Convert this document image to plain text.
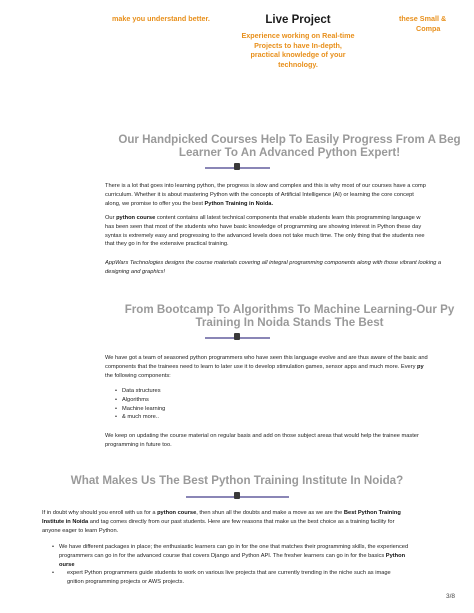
make you understand better.	Live Project
Experience working on Real-time
Projects to have In-depth,
practical knowledge of your
technology.
these Small &
Compa
Our Handpicked Courses Help To Easily Progress From A Beg
Learner To An Advanced Python Expert!
There is a lot that goes into learning python, the progress is slow and complex and this is why most of our courses have a comp
curriculum. Whether it is about mastering Python with the concepts of Artificial Intelligence (AI) or learning the core concept
along, we promise to offer you the best Python Training in Noida.
Our python course content contains all latest technical components that enable students learn this programming language w
has been seen that most of the students who have basic knowledge of programming are showing interest in Python these day
syntax is extremely easy and progressing to the advanced levels does not take much time. The only thing that the students nee
that they go in for the extensive practical training.
AppWars Technologies designs the course materials covering all integral programming components along with those vibrant looking a
designing and graphics!
From Bootcamp To Algorithms To Machine Learning-Our Py
Training In Noida Stands The Best
We have got a team of seasoned python programmers who have seen this language evolve and are thus aware of the basic and
components that the trainees need to learn to later use it to develop stimulation games, sensor apps and much more. Every py
the following components:
• Data structures
• Algorithms
• Machine learning
• & much more..
We keep on updating the course material on regular basis and add on those subject areas that would help the trainee master
programming in future too.
What Makes Us The Best Python Training Institute In Noida?
If in doubt why should you enroll with us for a python course, then shun all the doubts and make a move as we are the Best Python Training
Institute in Noida and tag comes directly from our past students. Here are few reasons that make us the best choice as a training facility for
anyone eager to learn Python.
• We have different packages in place; the enthusiastic learners can go in for the one that matches their programming skills, the experienced
programmers can go in for the advanced course that covers Django and Python API. The fresher learners can go in for the basics Python
ourse
• expert Python programmers guide students to work on various live projects that are currently trending in the niche such as image
gnition programming projects or AWS projects.
3/8
